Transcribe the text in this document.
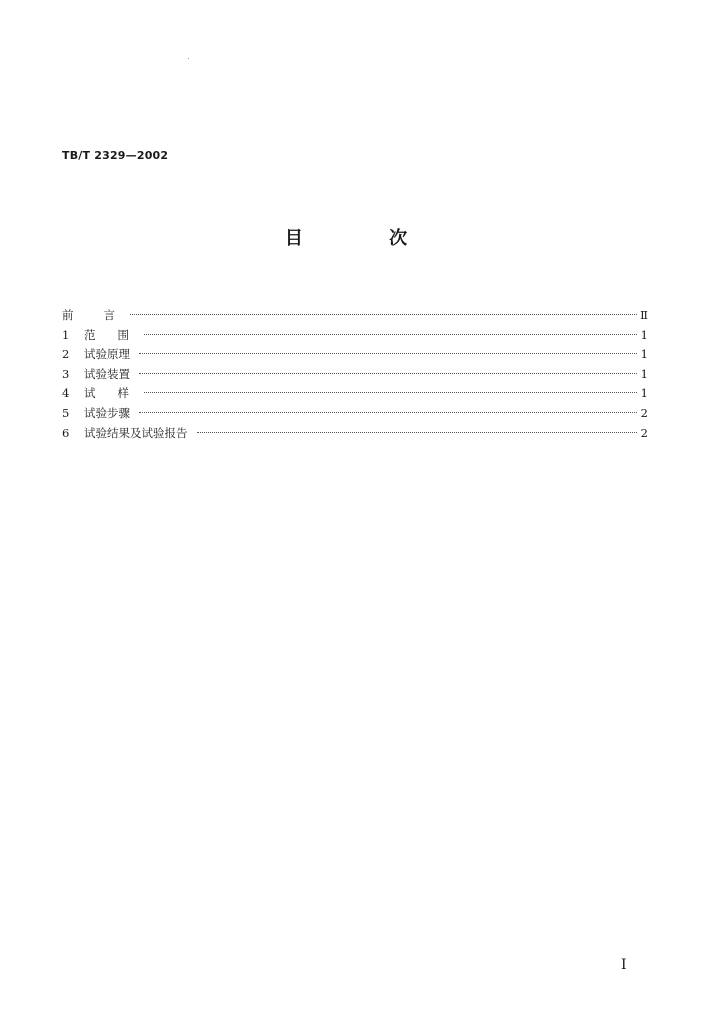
TB/T 2329—2002
目 次
前言	Ⅱ
1	范围	1
2	试验原理	1
3	试验装置	1
4	试样	1
5	试验步骤	2
6	试验结果及试验报告	2
I
